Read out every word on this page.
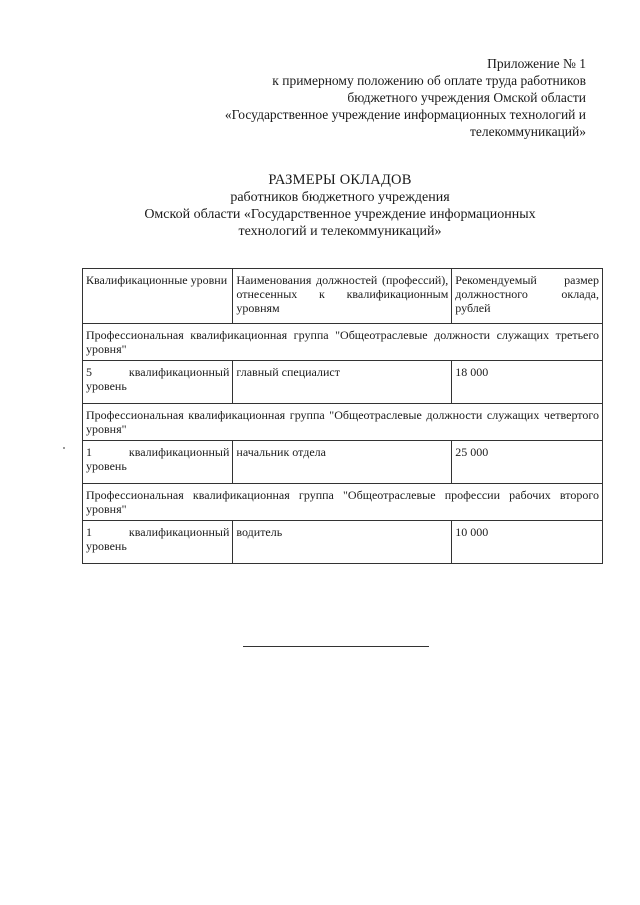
Приложение № 1
к примерному положению об оплате труда работников
бюджетного учреждения Омской области
«Государственное учреждение информационных технологий и
телекоммуникаций»
РАЗМЕРЫ ОКЛАДОВ
работников бюджетного учреждения
Омской области «Государственное учреждение информационных
технологий и телекоммуникаций»
Квалификационные уровни	Наименования должностей (профессий), отнесенных к квалификационным уровням	Рекомендуемый размер должностного оклада, рублей
Профессиональная квалификационная группа "Общеотраслевые должности служащих третьего уровня"		
5 квалификационный уровень	главный специалист	18 000
Профессиональная квалификационная группа "Общеотраслевые должности служащих четвертого уровня"		
1 квалификационный уровень	начальник отдела	25 000
Профессиональная квалификационная группа "Общеотраслевые профессии рабочих второго уровня"		
1 квалификационный уровень	водитель	10 000
